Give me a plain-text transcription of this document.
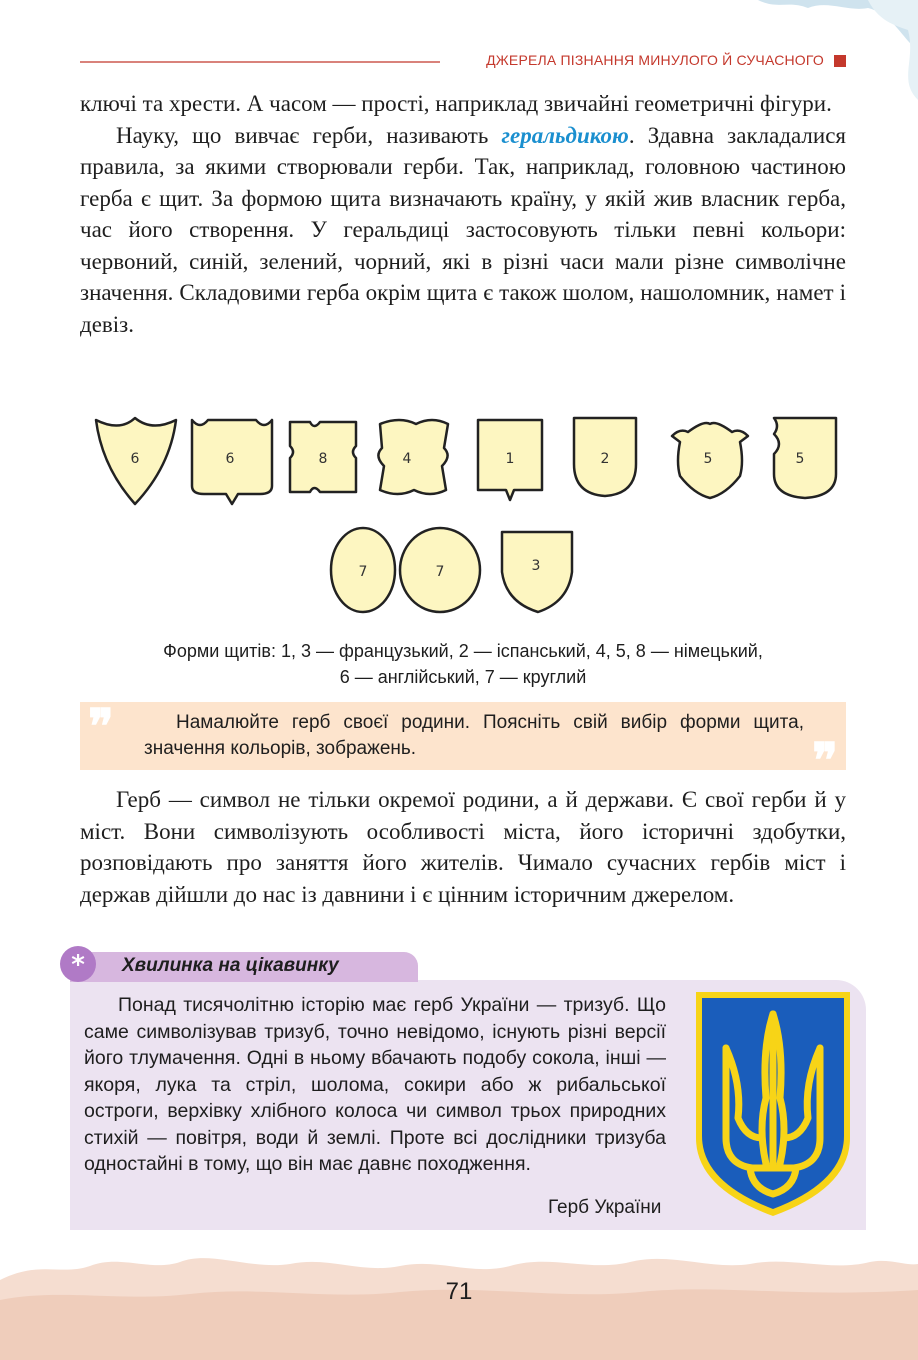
ДЖЕРЕЛА ПІЗНАННЯ МИНУЛОГО Й СУЧАСНОГО

ключі та хрести. А часом — прості, наприклад звичайні геометричні фігури.

Науку, що вивчає герби, називають геральдикою. Здавна закладалися правила, за якими створювали герби. Так, наприклад, головною частиною герба є щит. За формою щита визначають країну, у якій жив власник герба, час його створення. У геральдиці застосовують тільки певні кольори: червоний, синій, зелений, чорний, які в різні часи мали різне символічне значення. Складовими герба окрім щита є також шолом, нашоломник, намет і девіз.

6	6	8	4	1	2	5	5
7	7	3
Форми щитів: 1, 3 — французький, 2 — іспанський, 4, 5, 8 — німецький,
6 — англійський, 7 — круглий
❞	Намалюйте герб своєї родини. Поясніть свій вибір форми щита, значення кольорів, зображень.	❞

Герб — символ не тільки окремої родини, а й держави. Є свої герби й у міст. Вони символізують особливості міста, його історичні здобутки, розповідають про заняття його жителів. Чимало сучасних гербів міст і держав дійшли до нас із давнини і є цінним історичним джерелом.

*	Хвилинка на цікавинку
Понад тисячолітню історію має герб України — тризуб. Що саме символізував тризуб, точно невідомо, існують різні версії його тлумачення. Одні в ньому вбачають подобу сокола, інші — якоря, лука та стріл, шолома, сокири або ж рибальської остроги, верхівку хлібного колоса чи символ трьох природних стихій — повітря, води й землі. Проте всі дослідники тризуба одностайні в тому, що він має давнє походження.
Герб України
71
